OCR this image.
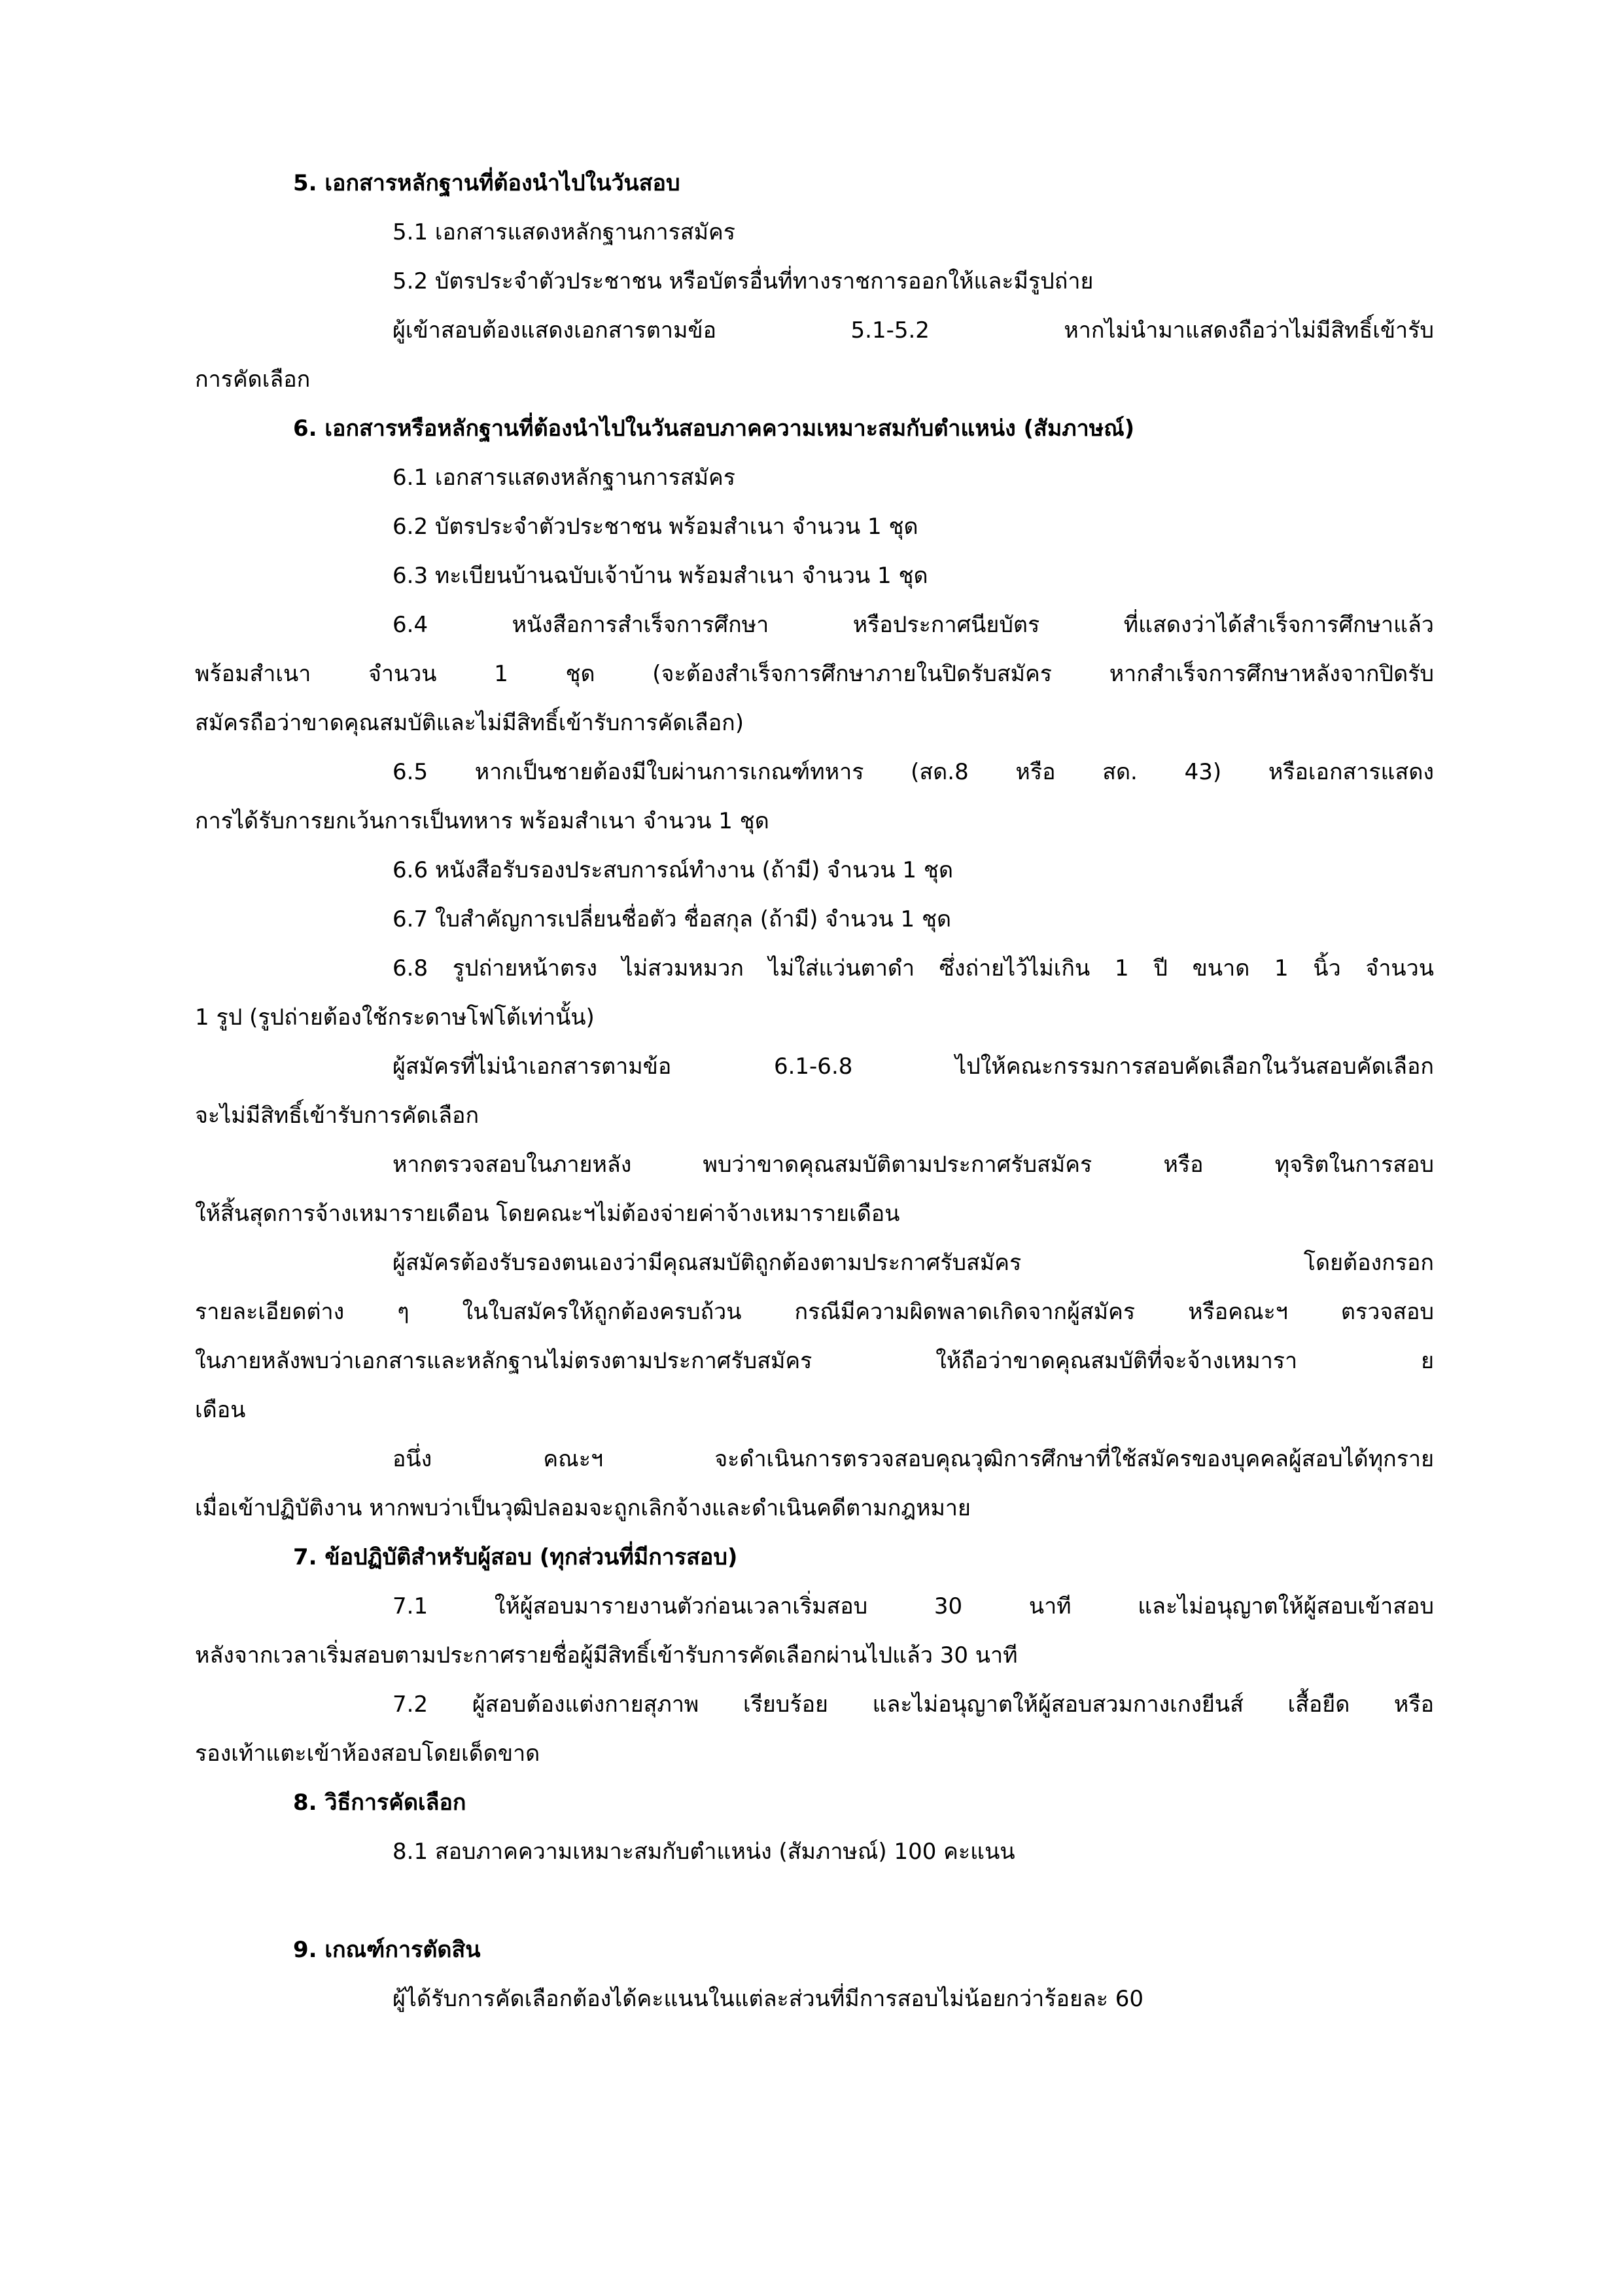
5. เอกสารหลักฐานที่ต้องนำไปในวันสอบ

5.1 เอกสารแสดงหลักฐานการสมัคร

5.2 บัตรประจำตัวประชาชน หรือบัตรอื่นที่ทางราชการออกให้และมีรูปถ่าย

ผู้เข้าสอบต้องแสดงเอกสารตามข้อ 5.1-5.2 หากไม่นำมาแสดงถือว่าไม่มีสิทธิ์เข้ารับ

การคัดเลือก

6. เอกสารหรือหลักฐานที่ต้องนำไปในวันสอบภาคความเหมาะสมกับตำแหน่ง (สัมภาษณ์)

6.1 เอกสารแสดงหลักฐานการสมัคร

6.2 บัตรประจำตัวประชาชน พร้อมสำเนา จำนวน 1 ชุด

6.3 ทะเบียนบ้านฉบับเจ้าบ้าน พร้อมสำเนา จำนวน 1 ชุด

6.4 หนังสือการสำเร็จการศึกษา หรือประกาศนียบัตร ที่แสดงว่าได้สำเร็จการศึกษาแล้ว

พร้อมสำเนา จำนวน 1 ชุด (จะต้องสำเร็จการศึกษาภายในปิดรับสมัคร หากสำเร็จการศึกษาหลังจากปิดรับ

สมัครถือว่าขาดคุณสมบัติและไม่มีสิทธิ์เข้ารับการคัดเลือก)

6.5 หากเป็นชายต้องมีใบผ่านการเกณฑ์ทหาร (สด.8 หรือ สด. 43) หรือเอกสารแสดง

การได้รับการยกเว้นการเป็นทหาร พร้อมสำเนา จำนวน 1 ชุด

6.6 หนังสือรับรองประสบการณ์ทำงาน (ถ้ามี) จำนวน 1 ชุด

6.7 ใบสำคัญการเปลี่ยนชื่อตัว ชื่อสกุล (ถ้ามี) จำนวน 1 ชุด

6.8 รูปถ่ายหน้าตรง ไม่สวมหมวก ไม่ใส่แว่นตาดำ ซึ่งถ่ายไว้ไม่เกิน 1 ปี ขนาด 1 นิ้ว จำนวน

1 รูป (รูปถ่ายต้องใช้กระดาษโฟโต้เท่านั้น)

ผู้สมัครที่ไม่นำเอกสารตามข้อ 6.1-6.8 ไปให้คณะกรรมการสอบคัดเลือกในวันสอบคัดเลือก

จะไม่มีสิทธิ์เข้ารับการคัดเลือก

หากตรวจสอบในภายหลัง พบว่าขาดคุณสมบัติตามประกาศรับสมัคร หรือ ทุจริตในการสอบ

ให้สิ้นสุดการจ้างเหมารายเดือน โดยคณะฯไม่ต้องจ่ายค่าจ้างเหมารายเดือน

ผู้สมัครต้องรับรองตนเองว่ามีคุณสมบัติถูกต้องตามประกาศรับสมัคร โดยต้องกรอก

รายละเอียดต่าง ๆ ในใบสมัครให้ถูกต้องครบถ้วน กรณีมีความผิดพลาดเกิดจากผู้สมัคร หรือคณะฯ ตรวจสอบ

ในภายหลังพบว่าเอกสารและหลักฐานไม่ตรงตามประกาศรับสมัคร ให้ถือว่าขาดคุณสมบัติที่จะจ้างเหมารา ย

เดือน

อนึ่ง คณะฯ จะดำเนินการตรวจสอบคุณวุฒิการศึกษาที่ใช้สมัครของบุคคลผู้สอบได้ทุกราย

เมื่อเข้าปฏิบัติงาน หากพบว่าเป็นวุฒิปลอมจะถูกเลิกจ้างและดำเนินคดีตามกฎหมาย

7. ข้อปฏิบัติสำหรับผู้สอบ (ทุกส่วนที่มีการสอบ)

7.1 ให้ผู้สอบมารายงานตัวก่อนเวลาเริ่มสอบ 30 นาที และไม่อนุญาตให้ผู้สอบเข้าสอบ

หลังจากเวลาเริ่มสอบตามประกาศรายชื่อผู้มีสิทธิ์เข้ารับการคัดเลือกผ่านไปแล้ว 30 นาที

7.2 ผู้สอบต้องแต่งกายสุภาพ เรียบร้อย และไม่อนุญาตให้ผู้สอบสวมกางเกงยีนส์ เสื้อยืด หรือ

รองเท้าแตะเข้าห้องสอบโดยเด็ดขาด

8. วิธีการคัดเลือก

8.1 สอบภาคความเหมาะสมกับตำแหน่ง (สัมภาษณ์) 100 คะแนน

9. เกณฑ์การตัดสิน

ผู้ได้รับการคัดเลือกต้องได้คะแนนในแต่ละส่วนที่มีการสอบไม่น้อยกว่าร้อยละ 60
